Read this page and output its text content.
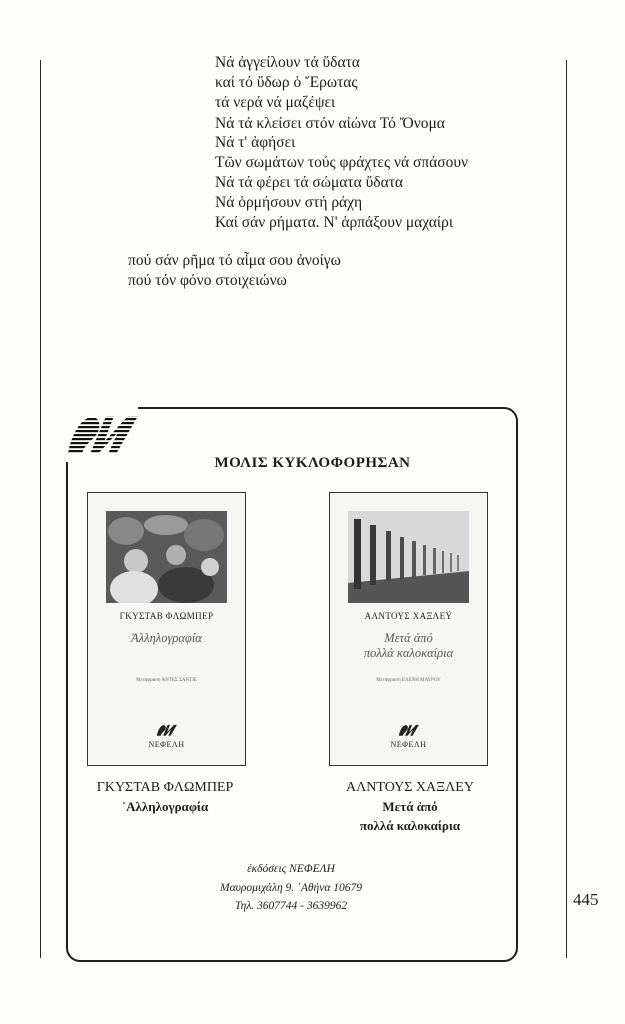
Νά ἀγγείλουν τά ὕδατα
καί τό ὕδωρ ὁ Ἔρωτας
τά νερά νά μαζέψει
Νά τά κλείσει στόν αἰώνα Τό Ὄνομα
Νά τ' ἀφήσει
Τῶν σωμάτων τούς φράχτες νά σπάσουν
Νά τά φέρει τά σώματα ὕδατα
Νά ὁρμήσουν στή ράχη
Καί σάν ρήματα. Ν' ἁρπάξουν μαχαίρι
πού σάν ρῆμα τό αἷμα σου ἀνοίγω
πού τόν φόνο στοιχειώνω
445
ΜΟΛΙΣ ΚΥΚΛΟΦΟΡΗΣΑΝ
ΓΚΥΣΤΑΒ ΦΛΩΜΠΕΡ
Ἀλληλογραφία
Μετάφραση ΑΝΤΕΣ ΣΑΝΤΙΕ
ΝΕΦΕΛΗ
ΑΛΝΤΟΥΣ ΧΑΞΛΕΫ
Μετά ἀπό
πολλά καλοκαίρια
Μετάφραση ΕΛΕΝΗ ΜΑΥΡΟΥ
ΝΕΦΕΛΗ
ΓΚΥΣΤΑΒ ΦΛΩΜΠΕΡ
᾿Αλληλογραφία
ΑΛΝΤΟΥΣ ΧΑΞΛΕΥ
Μετά ἀπό
πολλά καλοκαίρια
ἐκδόσεις ΝΕΦΕΛΗ
Μαυρομιχάλη 9. ᾿Αθήνα 10679
Τηλ. 3607744 - 3639962
